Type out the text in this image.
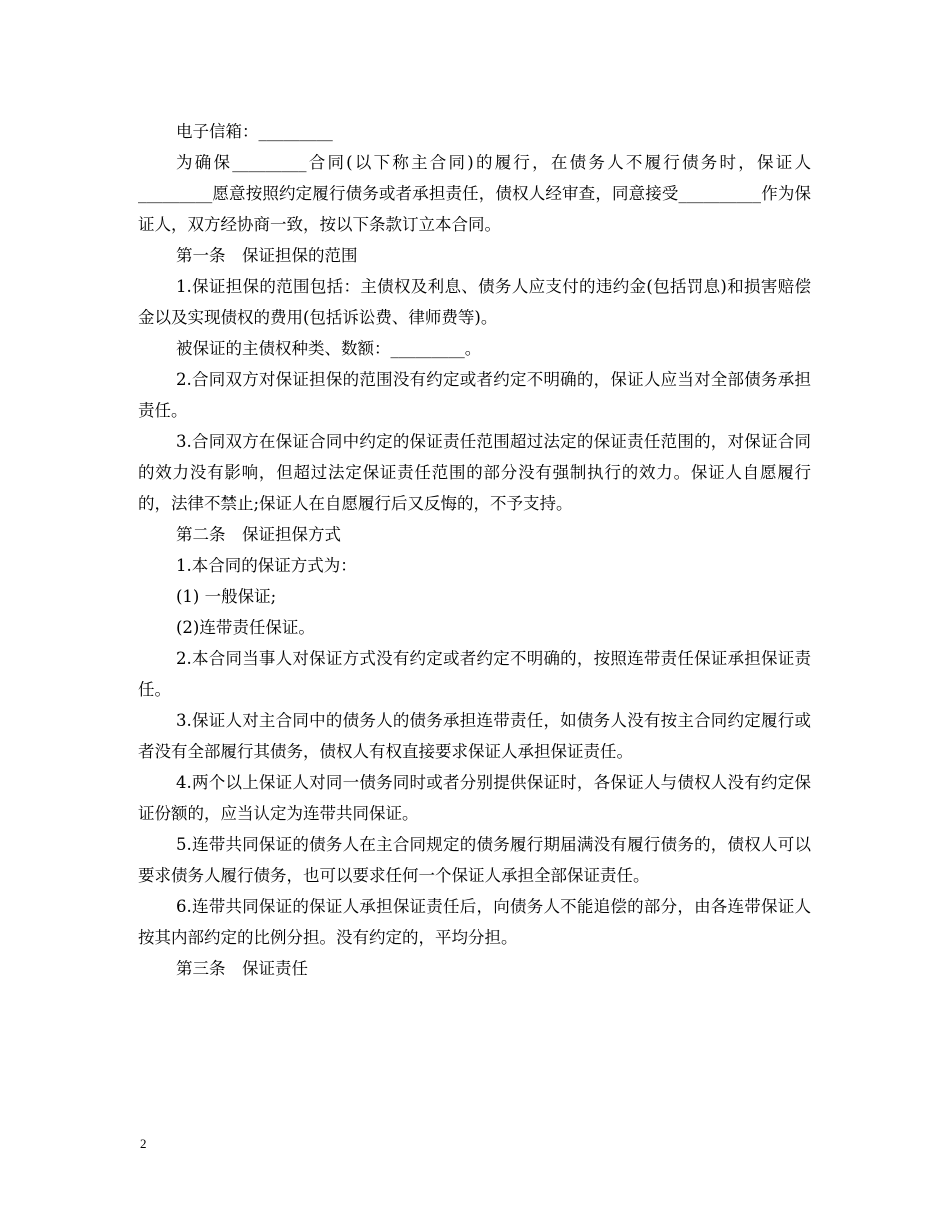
电子信箱：_________

为确保_________合同(以下称主合同)的履行，在债务人不履行债务时，保证人_________愿意按照约定履行债务或者承担责任，债权人经审查，同意接受__________作为保证人，双方经协商一致，按以下条款订立本合同。

第一条　保证担保的范围

1.保证担保的范围包括：主债权及利息、债务人应支付的违约金(包括罚息)和损害赔偿金以及实现债权的费用(包括诉讼费、律师费等)。

被保证的主债权种类、数额：_________。

2.合同双方对保证担保的范围没有约定或者约定不明确的，保证人应当对全部债务承担责任。

3.合同双方在保证合同中约定的保证责任范围超过法定的保证责任范围的，对保证合同的效力没有影响，但超过法定保证责任范围的部分没有强制执行的效力。保证人自愿履行的，法律不禁止;保证人在自愿履行后又反悔的，不予支持。

第二条　保证担保方式

1.本合同的保证方式为：

(1) 一般保证;

(2)连带责任保证。

2.本合同当事人对保证方式没有约定或者约定不明确的，按照连带责任保证承担保证责任。

3.保证人对主合同中的债务人的债务承担连带责任，如债务人没有按主合同约定履行或者没有全部履行其债务，债权人有权直接要求保证人承担保证责任。

4.两个以上保证人对同一债务同时或者分别提供保证时，各保证人与债权人没有约定保证份额的，应当认定为连带共同保证。

5.连带共同保证的债务人在主合同规定的债务履行期届满没有履行债务的，债权人可以要求债务人履行债务，也可以要求任何一个保证人承担全部保证责任。

6.连带共同保证的保证人承担保证责任后，向债务人不能追偿的部分，由各连带保证人按其内部约定的比例分担。没有约定的，平均分担。

第三条　保证责任

2
